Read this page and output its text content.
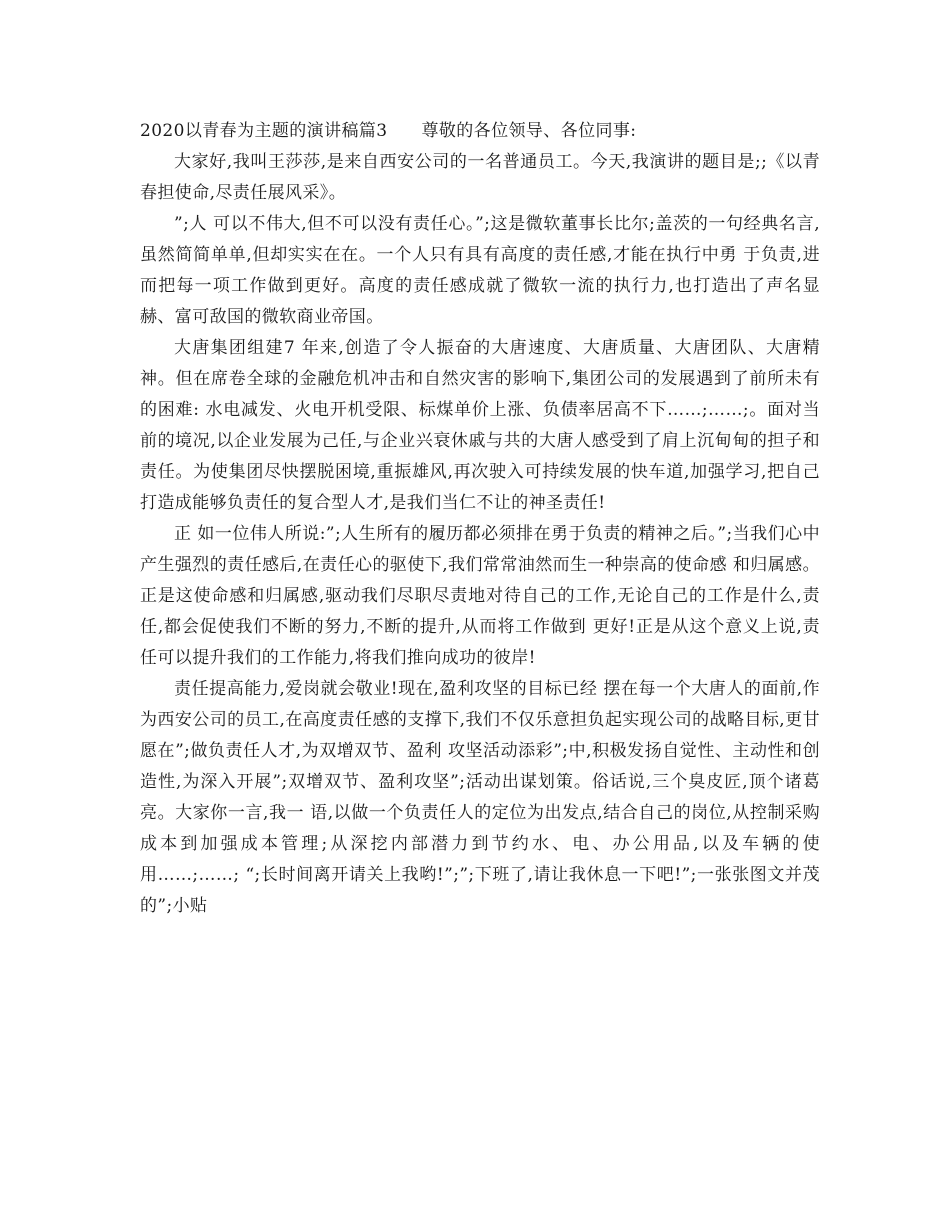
2020以青春为主题的演讲稿篇3 尊敬的各位领导、各位同事:

大家好,我叫王莎莎,是来自西安公司的一名普通员工。今天,我演讲的题目是;;《以青春担使命,尽责任展风采》。

”;人 可以不伟大,但不可以没有责任心。”;这是微软董事长比尔;盖茨的一句经典名言,虽然简简单单,但却实实在在。一个人只有具有高度的责任感,才能在执行中勇 于负责,进而把每一项工作做到更好。高度的责任感成就了微软一流的执行力,也打造出了声名显赫、富可敌国的微软商业帝国。

大唐集团组建7 年来,创造了令人振奋的大唐速度、大唐质量、大唐团队、大唐精神。但在席卷全球的金融危机冲击和自然灾害的影响下,集团公司的发展遇到了前所未有的困难: 水电减发、火电开机受限、标煤单价上涨、负债率居高不下……;……;。面对当前的境况,以企业发展为己任,与企业兴衰休戚与共的大唐人感受到了肩上沉甸甸的担子和 责任。为使集团尽快摆脱困境,重振雄风,再次驶入可持续发展的快车道,加强学习,把自己打造成能够负责任的复合型人才,是我们当仁不让的神圣责任!

正 如一位伟人所说:”;人生所有的履历都必须排在勇于负责的精神之后。”;当我们心中产生强烈的责任感后,在责任心的驱使下,我们常常油然而生一种崇高的使命感 和归属感。正是这使命感和归属感,驱动我们尽职尽责地对待自己的工作,无论自己的工作是什么,责任,都会促使我们不断的努力,不断的提升,从而将工作做到 更好!正是从这个意义上说,责任可以提升我们的工作能力,将我们推向成功的彼岸!

责任提高能力,爱岗就会敬业!现在,盈利攻坚的目标已经 摆在每一个大唐人的面前,作为西安公司的员工,在高度责任感的支撑下,我们不仅乐意担负起实现公司的战略目标,更甘愿在”;做负责任人才,为双增双节、盈利 攻坚活动添彩”;中,积极发扬自觉性、主动性和创造性,为深入开展”;双增双节、盈利攻坚”;活动出谋划策。俗话说,三个臭皮匠,顶个诸葛亮。大家你一言,我一 语,以做一个负责任人的定位为出发点,结合自己的岗位,从控制采购成本到加强成本管理;从深挖内部潜力到节约水、电、办公用品,以及车辆的使用……;……; “;长时间离开请关上我哟!”;”;下班了,请让我休息一下吧!”;一张张图文并茂的”;小贴
